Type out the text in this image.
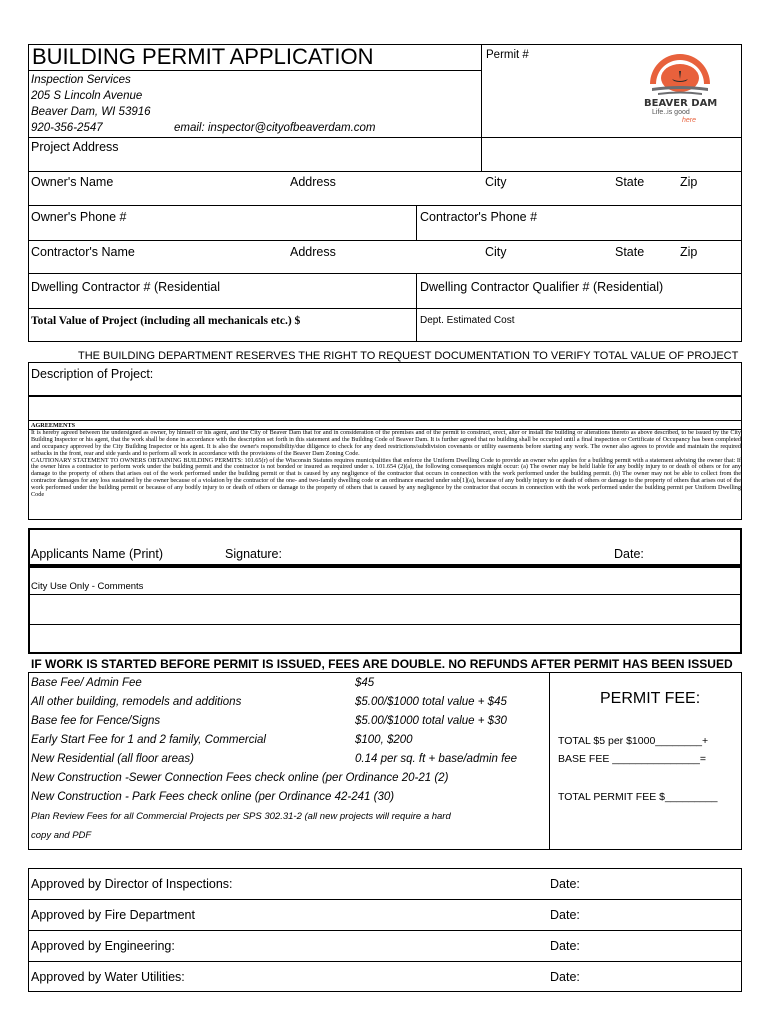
BUILDING PERMIT APPLICATION	Permit #
Inspection Services
205 S Lincoln Avenue
Beaver Dam, WI 53916
920-356-2547	email: inspector@cityofbeaverdam.com
BEAVER DAM
Life..is good
here
Project Address
Owner's Name	Address	City	State	Zip
Owner's Phone #	Contractor's Phone #
Contractor's Name	Address	City	State	Zip
Dwelling Contractor # (Residential	Dwelling Contractor Qualifier # (Residential)
Total Value of Project (including all mechanicals etc.) $	Dept. Estimated Cost
THE BUILDING DEPARTMENT RESERVES THE RIGHT TO REQUEST DOCUMENTATION TO VERIFY TOTAL VALUE OF PROJECT
Description of Project:
AGREEMENTS
It is hereby agreed between the undersigned as owner, by himself or his agent, and the City of Beaver Dam that for and in consideration of the premises and of the permit to construct, erect, alter or install the building or alterations thereto as above described, to be issued by the City Building Inspector or his agent, that the work shall be done in accordance with the description set forth in this statement and the Building Code of Beaver Dam. It is further agreed that no building shall be occupied until a final inspection or Certificate of Occupancy has been completed and occupancy approved by the City Building Inspector or his agent. It is also the owner's responsibility/due diligence to check for any deed restrictions/subdivision covenants or utility easements before starting any work. The owner also agrees to provide and maintain the required setbacks in the front, rear and side yards and to perform all work in accordance with the provisions of the Beaver Dam Zoning Code.
CAUTIONARY STATEMENT TO OWNERS OBTAINING BUILDING PERMITS: 101.65(r) of the Wisconsin Statutes requires municipalities that enforce the Uniform Dwelling Code to provide an owner who applies for a building permit with a statement advising the owner that: If the owner hires a contractor to perform work under the building permit and the contractor is not bonded or insured as required under s. 101.654 (2)(a), the following consequences might occur: (a) The owner may be held liable for any bodily injury to or death of others or for any damage to the property of others that arises out of the work performed under the building permit or that is caused by any negligence of the contractor that occurs in connection with the work performed under the building permit. (b) The owner may not be able to collect from the contractor damages for any loss sustained by the owner because of a violation by the contractor of the one- and two-family dwelling code or an ordinance enacted under sub[1](a), because of any bodily injury to or death of others or damage to the property of others that arises out of the work performed under the building permit or because of any bodily injury to or death of others or damage to the property of others that is caused by any negligence by the contractor that occurs in connection with the work performed under the building permit per Uniform Dwelling Code
Applicants Name (Print)	Signature:	Date:
City Use Only - Comments
IF WORK IS STARTED BEFORE PERMIT IS ISSUED, FEES ARE DOUBLE. NO REFUNDS AFTER PERMIT HAS BEEN ISSUED
Base Fee/ Admin Fee	$45
All other building, remodels and additions	$5.00/$1000 total value + $45
Base fee for Fence/Signs	$5.00/$1000 total value + $30
Early Start Fee for 1 and 2 family, Commercial	$100, $200
New Residential (all floor areas)	0.14 per sq. ft + base/admin fee
New Construction -Sewer Connection Fees check online (per Ordinance 20-21 (2)
New Construction - Park Fees check online (per Ordinance 42-241 (30)
Plan Review Fees for all Commercial Projects per SPS 302.31-2 (all new projects will require a hard
copy and PDF
PERMIT FEE:
TOTAL $5 per $1000________+
BASE FEE _______________=
TOTAL PERMIT FEE $_________
Approved by Director of Inspections:	Date:
Approved by Fire Department	Date:
Approved by Engineering:	Date:
Approved by Water Utilities:	Date:
